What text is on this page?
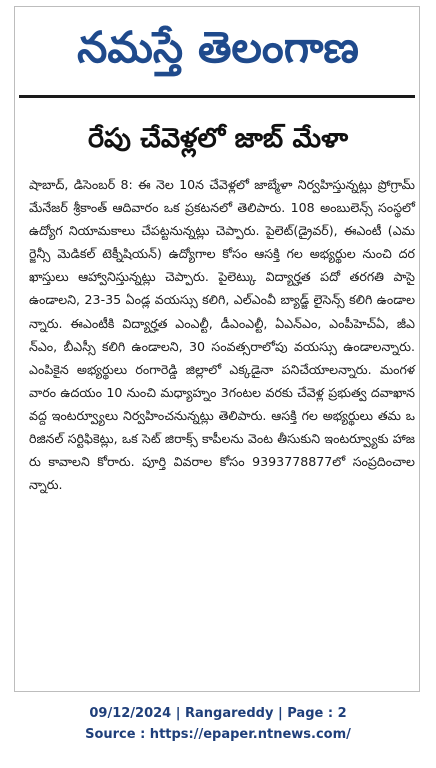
నమస్తే తెలంగాణ
రేపు చేవెళ్లలో జాబ్ మేళా
షాబాద్, డిసెంబర్ 8: ఈ నెల 10న చేవెళ్లలో జాబ్మేళా నిర్వహిస్తున్నట్లు ప్రోగ్రామ్ మేనేజర్ శ్రీకాంత్ ఆదివారం ఒక ప్రకటనలో తెలిపారు. 108 అంబులెన్స్ సంస్థలో ఉద్యోగ నియామకాలు చేపట్టనున్నట్లు చెప్పారు. పైలెట్(డ్రైవర్), ఈఎంటీ (ఎమర్జెన్సీ మెడికల్ టెక్నీషియన్) ఉద్యోగాల కోసం ఆసక్తి గల అభ్యర్థుల నుంచి దరఖాస్తులు ఆహ్వానిస్తున్నట్లు చెప్పారు. పైలెట్కు విద్యార్హత పదో తరగతి పాసై ఉండాలని, 23-35 ఏండ్ల వయస్సు కలిగి, ఎల్ఎంవీ బ్యాడ్జ్ లైసెన్స్ కలిగి ఉండాలన్నారు. ఈఎంటీకి విద్యార్హత ఎంఎల్టీ, డీఎంఎల్టీ, ఏఎన్ఎం, ఎంపీహెచ్ఏ, జీఎన్ఎం, బీఎస్సీ కలిగి ఉండాలని, 30 సంవత్సరాలోపు వయస్సు ఉండాలన్నారు. ఎంపికైన అభ్యర్థులు రంగారెడ్డి జిల్లాలో ఎక్కడైనా పనిచేయాలన్నారు. మంగళవారం ఉదయం 10 నుంచి మధ్యాహ్నం 3గంటల వరకు చేవెళ్ల ప్రభుత్వ దవాఖాన వద్ద ఇంటర్వ్యూలు నిర్వహించనున్నట్లు తెలిపారు. ఆసక్తి గల అభ్యర్థులు తమ ఒరిజినల్ సర్టిఫికెట్లు, ఒక సెట్ జిరాక్స్ కాపీలను వెంట తీసుకుని ఇంటర్వ్యూకు హాజరు కావాలని కోరారు. పూర్తి వివరాల కోసం 9393778877లో సంప్రదించాలన్నారు.
09/12/2024 | Rangareddy | Page : 2
Source : https://epaper.ntnews.com/
